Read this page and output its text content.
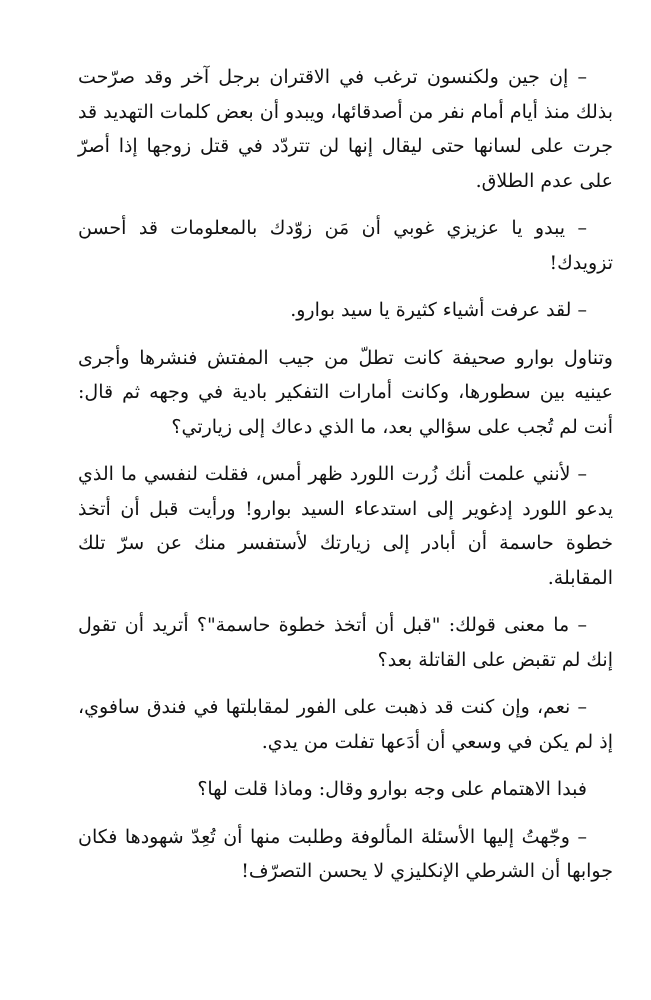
– إن جين ولكنسون ترغب في الاقتران برجل آخر وقد صرّحت بذلك منذ أيام أمام نفر من أصدقائها، ويبدو أن بعض كلمات التهديد قد جرت على لسانها حتى ليقال إنها لن تتردّد في قتل زوجها إذا أصرّ على عدم الطلاق.

– يبدو يا عزيزي غوبي أن مَن زوّدك بالمعلومات قد أحسن تزويدك!

– لقد عرفت أشياء كثيرة يا سيد بوارو.

وتناول بوارو صحيفة كانت تطلّ من جيب المفتش فنشرها وأجرى عينيه بين سطورها، وكانت أمارات التفكير بادية في وجهه ثم قال: أنت لم تُجب على سؤالي بعد، ما الذي دعاك إلى زيارتي؟

– لأنني علمت أنك زُرت اللورد ظهر أمس، فقلت لنفسي ما الذي يدعو اللورد إدغوير إلى استدعاء السيد بوارو! ورأيت قبل أن أتخذ خطوة حاسمة أن أبادر إلى زيارتك لأستفسر منك عن سرّ تلك المقابلة.

– ما معنى قولك: "قبل أن أتخذ خطوة حاسمة"؟ أتريد أن تقول إنك لم تقبض على القاتلة بعد؟

– نعم، وإن كنت قد ذهبت على الفور لمقابلتها في فندق سافوي، إذ لم يكن في وسعي أن أدَعها تفلت من يدي.

فبدا الاهتمام على وجه بوارو وقال: وماذا قلت لها؟

– وجّهتُ إليها الأسئلة المألوفة وطلبت منها أن تُعِدّ شهودها فكان جوابها أن الشرطي الإنكليزي لا يحسن التصرّف!
